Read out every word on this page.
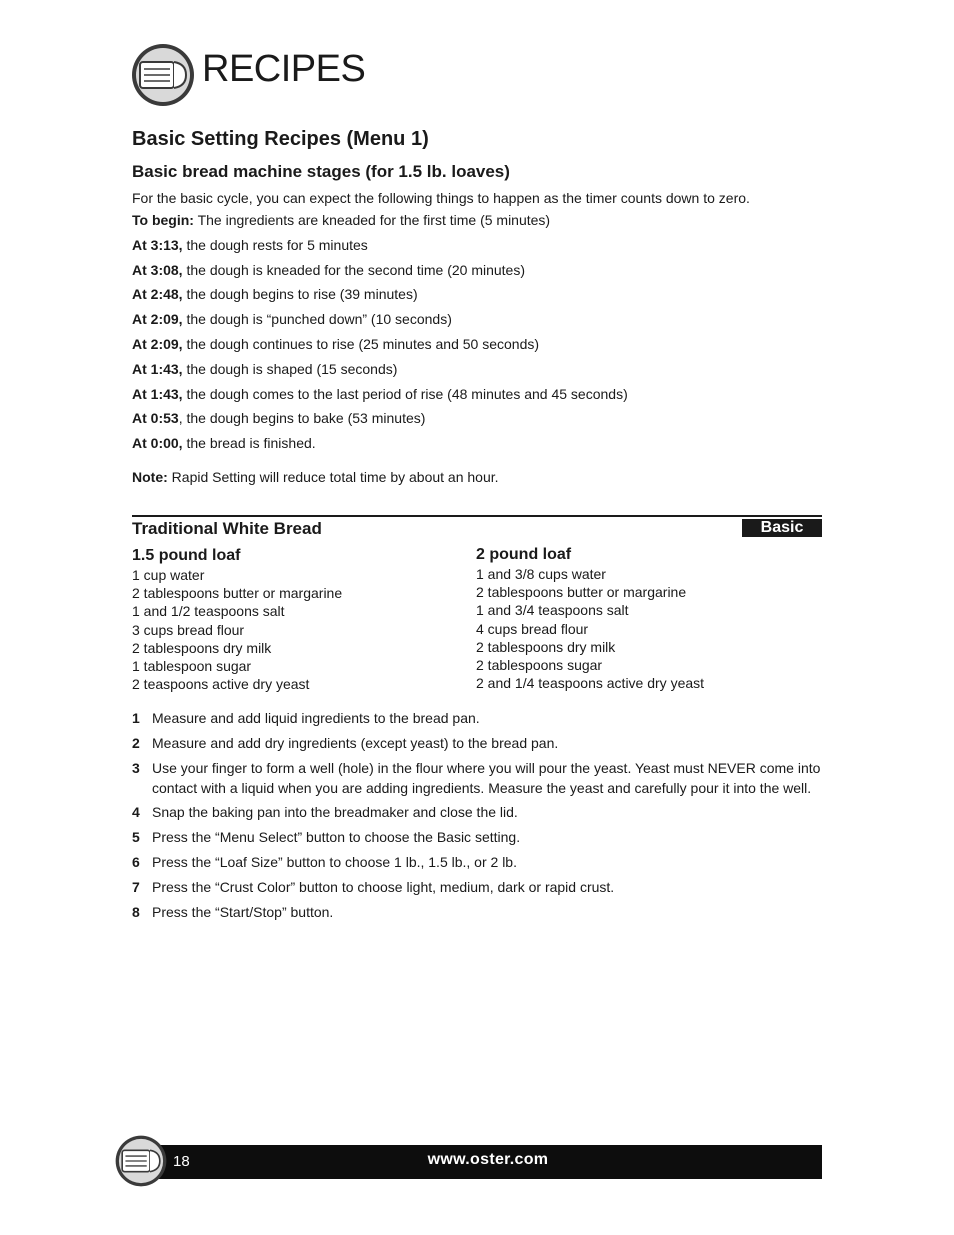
RECIPES
Basic Setting Recipes (Menu 1)
Basic bread machine stages (for 1.5 lb. loaves)

For the basic cycle, you can expect the following things to happen as the timer counts down to zero.

To begin: The ingredients are kneaded for the first time (5 minutes)
At 3:13, the dough rests for 5 minutes
At 3:08, the dough is kneaded for the second time (20 minutes)
At 2:48, the dough begins to rise (39 minutes)
At 2:09, the dough is “punched down” (10 seconds)
At 2:09, the dough continues to rise (25 minutes and 50 seconds)
At 1:43, the dough is shaped (15 seconds)
At 1:43, the dough comes to the last period of rise (48 minutes and 45 seconds)
At 0:53, the dough begins to bake (53 minutes)
At 0:00, the bread is finished.
Note: Rapid Setting will reduce total time by about an hour.
Traditional White Bread	Basic
1.5 pound loaf
1 cup water
2 tablespoons butter or margarine
1 and 1/2 teaspoons salt
3 cups bread flour
2 tablespoons dry milk
1 tablespoon sugar
2 teaspoons active dry yeast
2 pound loaf
1 and 3/8 cups water
2 tablespoons butter or margarine
1 and 3/4 teaspoons salt
4 cups bread flour
2 tablespoons dry milk
2 tablespoons sugar
2 and 1/4 teaspoons active dry yeast
1 Measure and add liquid ingredients to the bread pan.
2 Measure and add dry ingredients (except yeast) to the bread pan.
3 Use your finger to form a well (hole) in the flour where you will pour the yeast. Yeast must NEVER come into contact with a liquid when you are adding ingredients. Measure the yeast and carefully pour it into the well.
4 Snap the baking pan into the breadmaker and close the lid.
5 Press the “Menu Select” button to choose the Basic setting.
6 Press the “Loaf Size” button to choose 1 lb., 1.5 lb., or 2 lb.
7 Press the “Crust Color” button to choose light, medium, dark or rapid crust.
8 Press the “Start/Stop” button.
18	www.oster.com
